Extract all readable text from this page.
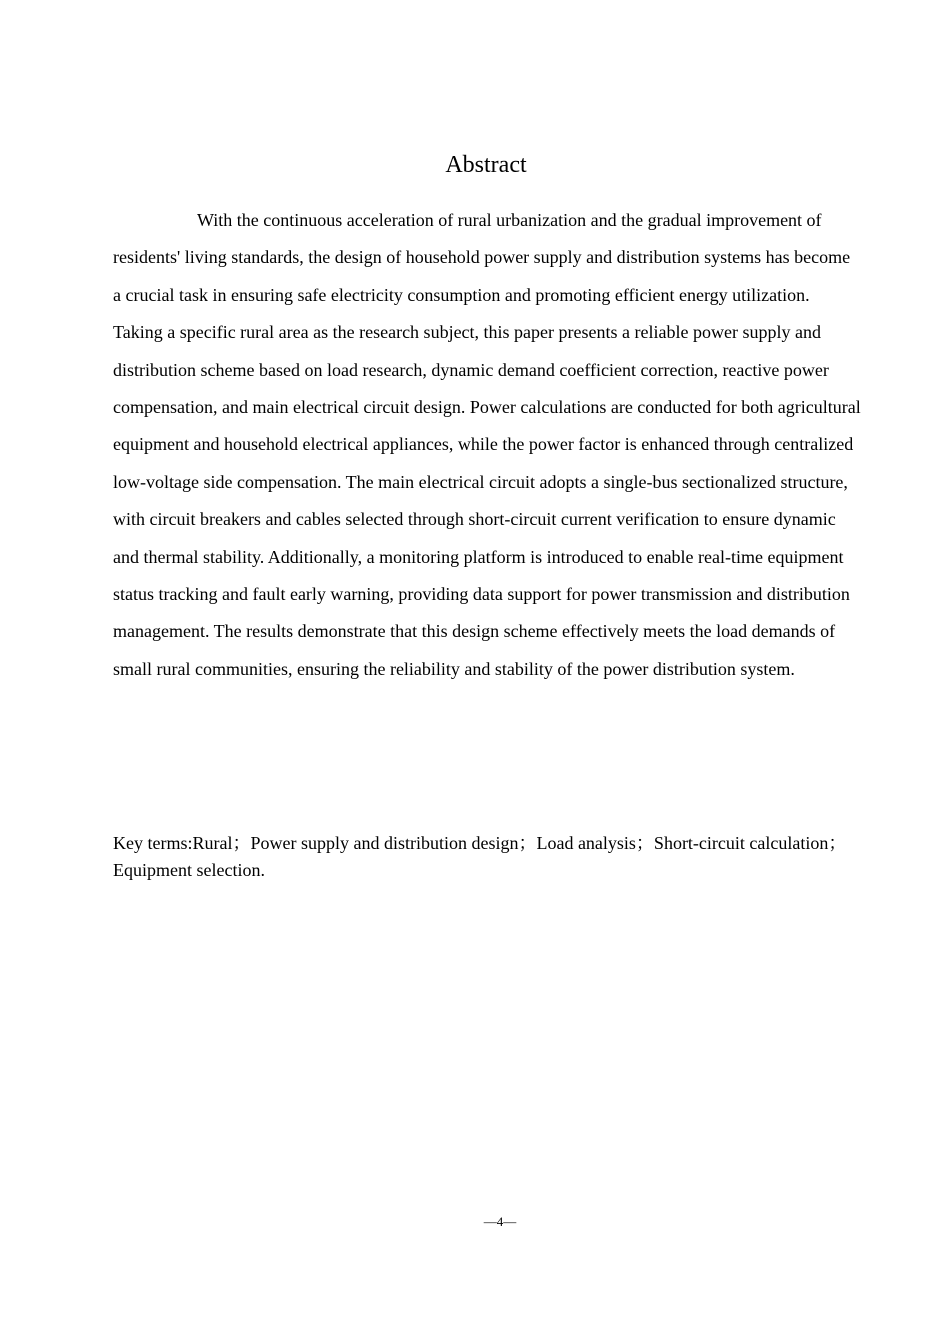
Abstract

With the continuous acceleration of rural urbanization and the gradual improvement of residents' living standards, the design of household power supply and distribution systems has become a crucial task in ensuring safe electricity consumption and promoting efficient energy utilization. Taking a specific rural area as the research subject, this paper presents a reliable power supply and distribution scheme based on load research, dynamic demand coefficient correction, reactive power compensation, and main electrical circuit design. Power calculations are conducted for both agricultural equipment and household electrical appliances, while the power factor is enhanced through centralized low-voltage side compensation. The main electrical circuit adopts a single-bus sectionalized structure, with circuit breakers and cables selected through short-circuit current verification to ensure dynamic and thermal stability. Additionally, a monitoring platform is introduced to enable real-time equipment status tracking and fault early warning, providing data support for power transmission and distribution management. The results demonstrate that this design scheme effectively meets the load demands of small rural communities, ensuring the reliability and stability of the power distribution system.

Key terms:Rural；Power supply and distribution design；Load analysis；Short-circuit calculation；Equipment selection.

—4—
